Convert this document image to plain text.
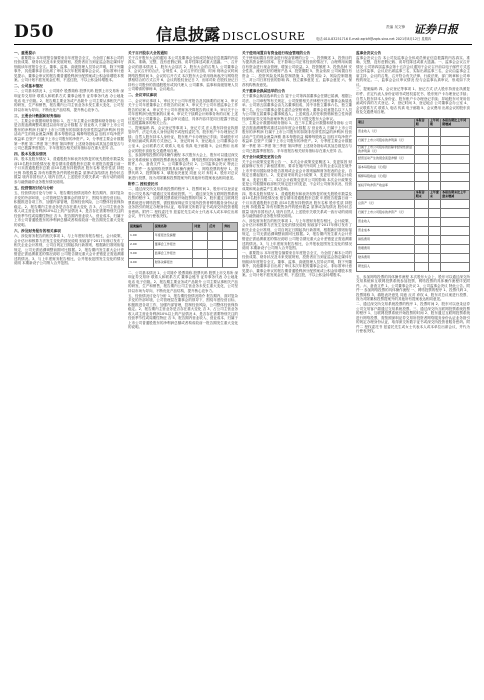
D50	信息披露 DISCLOSURE
责编 吴文锋 证券日报
电话:010-83251716 E-mail:zqrb9@zqrb.sina.net 2021年8月12日 星期四
一、重要提示

一、重要提示 本年度报告摘要来自年度报告全文，为全面了解本公司的经营成果、财务状况及未来发展规划，投资者应当到证监会指定媒体仔细阅读年度报告全文。董事、监事、高级管理人员异议声明，除下列董事外，其他董事亲自出席了审议本次年报的董事会会议。非标准审计意见提示，董事会审议的报告期普通股利润分配预案或公积金转增股本预案。公司计划不派发现金红利，不送红股，不以公积金转增股本。

二、公司基本情况

二、公司基本情况 1、公司简介 股票简称 股票代码 股票上市交易所 深圳证券交易所 联系人和联系方式 董事会秘书 证券事务代表 办公地址 电话 电子信箱。2、报告期主要业务或产品简介 公司主要从事相关产品的研发、生产和销售，报告期内公司主营业务未发生重大变化，公司坚持以市场为导向，不断优化产品结构，提升核心竞争力。

三、主要会计数据和财务指标

三、主要会计数据和财务指标 1、近三年主要会计数据和财务指标 公司是否需追溯调整或重述以前年度会计数据 否 营业收入 归属于上市公司股东的净利润 归属于上市公司股东的扣除非经常性损益的净利润 经营活动产生的现金流量净额 基本每股收益 稀释每股收益 加权平均净资产收益率 总资产 归属于上市公司股东的净资产。2、分季度主要会计数据 第一季度 第二季度 第三季度 第四季度 上述财务指标或其加总数是否与公司已披露季度报告、半年度报告相关财务指标存在重大差异 否。

四、股本及股东情况

四、股本及股东情况 1、普通股股东和表决权恢复的优先股股东数量及前10名股东持股情况表 报告期末普通股股东总数 年度报告披露日前一个月末普通股股东总数 前10名股东持股情况 股东名称 股东性质 持股比例 持股数量 持有有限售条件的股份数量 质押或冻结情况 股份状态 数量 境内非国有法人 境内自然人 上述股东关联关系或一致行动的说明 参与融资融券业务股东情况说明。

五、经营情况讨论与分析

五、经营情况讨论与分析 1、报告期经营情况简介 报告期内，面对复杂多变的外部环境，公司管理层在董事会的领导下，围绕年度经营目标，积极推进各项工作，加强内部管理，控制经营风险，公司整体经营保持稳定。2、报告期内主营业务是否存在重大变化 否 3、占公司主营业务收入或主营业务利润10%以上的产品情况 4、是否存在需要特别关注的经营季节性或周期性特征 否 5、报告期内营业收入、营业成本、归属于上市公司普通股股东的净利润总额或者构成较前一报告期发生重大变化的说明。

六、涉及财务报告的相关事项

六、涉及财务报告的相关事项 1、与上年度财务报告相比，会计政策、会计估计和核算方法发生变化的情况说明 财政部于2017年修订发布了相关企业会计准则，公司自规定日期起执行新准则，根据新旧准则衔接规定，公司无需追溯调整前期可比数据。2、报告期内发生重大会计差错更正需追溯重述的情况说明 公司报告期无重大会计差错更正需追溯重述的情况。3、与上年度财务报告相比，合并报表范围发生变化的情况说明 本期新设子公司纳入合并范围。

关于召开股东大会的通知

关于召开股东大会的通知 本公司及董事会全体成员保证信息披露的内容真实、准确、完整，没有虚假记载、误导性陈述或重大遗漏。一、召开会议的基本情况 1、股东大会届次 2、股东大会的召集人 公司董事会 3、会议召开的合法、合规性 4、会议召开的日期、时间 现场会议时间 网络投票时间 5、会议的召开方式 本次股东大会采用现场表决与网络投票相结合的方式召开 6、会议的股权登记日 7、出席对象 在股权登记日持有公司股份的普通股股东或其代理人 公司董事、监事和高级管理人员 公司聘请的律师 8、会议地点。

二、会议审议事项

二、会议审议事项 1、审议关于公司年度报告及其摘要的议案 2、审议关于公司年度董事会工作报告的议案 3、审议关于公司年度监事会工作报告的议案 4、审议关于公司年度财务决算报告的议案 5、审议关于公司年度利润分配预案的议案 6、审议关于续聘会计师事务所的议案 上述议案已经公司董事会、监事会审议通过，具体内容详见同日披露于指定信息披露媒体的相关公告。

三、提案编码 四、会议登记等事项 1、登记方式 法人股东持营业执照复印件、法定代表人身份证明书或授权委托书、股东账户卡办理登记手续；自然人股东持本人身份证、股东账户卡办理登记手续；异地股东可采用信函或传真的方式登记。2、登记时间 3、登记地点 公司董事会办公室 4、会议联系方式 联系人 电话 传真 电子邮箱 5、会议费用 出席会议的股东食宿及交通费用自理。

五、参加网络投票的具体操作流程 本次股东大会上，股东可以通过深交所交易系统和互联网投票系统参加投票，网络投票的具体操作流程详见附件。六、备查文件 1、公司董事会决议 2、公司监事会决议 特此公告。附件一 参加网络投票的具体操作流程 一、网络投票的程序 1、投票代码 2、投票简称 3、填报表决意见 同意 反对 弃权 4、股东对总议案进行投票，视为对除累积投票提案外的其他所有提案表达相同意见。

附件二 授权委托书

二、通过深交所交易系统投票的程序 1、投票时间 2、股东可以登录证券公司交易客户端通过交易系统投票。三、通过深交所互联网投票系统投票的程序 1、互联网投票系统开始投票的时间 2、股东通过互联网投票系统进行网络投票，需按照深圳证券交易所投资者网络服务身份认证业务指引的规定办理身份认证，取得深交所数字证书或深交所投资者服务密码。附件二 授权委托书 兹委托先生或女士代表本人或本单位出席会议，并代为行使表决权。

提案编码	提案名称	同意	反对	弃权
1.00	年度报告及摘要			
2.00	董事会工作报告			
3.00	监事会工作报告			
4.00	财务决算报告			

二、公司基本情况 1、公司简介 股票简称 股票代码 股票上市交易所 深圳证券交易所 联系人和联系方式 董事会秘书 证券事务代表 办公地址 电话 电子信箱。2、报告期主要业务或产品简介 公司主要从事相关产品的研发、生产和销售，报告期内公司主营业务未发生重大变化，公司坚持以市场为导向，不断优化产品结构，提升核心竞争力。

五、经营情况讨论与分析 1、报告期经营情况简介 报告期内，面对复杂多变的外部环境，公司管理层在董事会的领导下，围绕年度经营目标，积极推进各项工作，加强内部管理，控制经营风险，公司整体经营保持稳定。2、报告期内主营业务是否存在重大变化 否 3、占公司主营业务收入或主营业务利润10%以上的产品情况 4、是否存在需要特别关注的经营季节性或周期性特征 否 5、报告期内营业收入、营业成本、归属于上市公司普通股股东的净利润总额或者构成较前一报告期发生重大变化的说明。

关于使用闲置自有资金进行现金管理的公告

关于使用闲置自有资金进行现金管理的公告 一、投资概述 1、投资目的 为提高资金使用效率，在不影响公司正常经营的情况下，合理利用闲置自有资金进行现金管理，增加公司收益。2、投资额度 3、投资品种 安全性高、流动性好的理财产品 4、投资期限 5、资金来源 公司闲置自有资金 二、投资风险及风险控制措施 1、投资风险 2、风险控制措施 三、对公司日常经营的影响 四、独立董事意见 五、监事会意见 六、保荐机构核查意见。

关于董事会换届选举的公告

关于董事会换届选举的公告 鉴于公司第四届董事会任期已届满，根据公司法、公司章程等有关规定，公司按照相关法律程序进行董事会换届选举。公司第五届董事会由九名董事组成，其中非独立董事六名，独立董事三名。经公司董事会提名委员会资格审查，董事会同意提名以下人员为公司第五届董事会董事候选人。上述候选人的任职资格和独立性尚需经深圳证券交易所备案审核无异议后方可提交股东大会审议。

三、主要会计数据和财务指标 1、近三年主要会计数据和财务指标 公司是否需追溯调整或重述以前年度会计数据 否 营业收入 归属于上市公司股东的净利润 归属于上市公司股东的扣除非经常性损益的净利润 经营活动产生的现金流量净额 基本每股收益 稀释每股收益 加权平均净资产收益率 总资产 归属于上市公司股东的净资产。2、分季度主要会计数据 第一季度 第二季度 第三季度 第四季度 上述财务指标或其加总数是否与公司已披露季度报告、半年度报告相关财务指标存在重大差异 否。

关于会计政策变更的公告

关于会计政策变更的公告 一、本次会计政策变更概述 1、变更原因 财政部修订发布了新租赁准则，要求在境内外同时上市的企业以及在境外上市并采用国际财务报告准则或企业会计准则编制财务报表的企业，自规定日期起施行。2、变更前采用的会计政策 3、变更后采用的会计政策 4、变更日期 二、本次会计政策变更对公司的影响 本次会计政策变更是公司根据财政部相关规定进行的变更，不会对公司财务状况、经营成果和现金流量产生重大影响。

四、股本及股东情况 1、普通股股东和表决权恢复的优先股股东数量及前10名股东持股情况表 报告期末普通股股东总数 年度报告披露日前一个月末普通股股东总数 前10名股东持股情况 股东名称 股东性质 持股比例 持股数量 持有有限售条件的股份数量 质押或冻结情况 股份状态 数量 境内非国有法人 境内自然人 上述股东关联关系或一致行动的说明 参与融资融券业务股东情况说明。

六、涉及财务报告的相关事项 1、与上年度财务报告相比，会计政策、会计估计和核算方法发生变化的情况说明 财政部于2017年修订发布了相关企业会计准则，公司自规定日期起执行新准则，根据新旧准则衔接规定，公司无需追溯调整前期可比数据。2、报告期内发生重大会计差错更正需追溯重述的情况说明 公司报告期无重大会计差错更正需追溯重述的情况。3、与上年度财务报告相比，合并报表范围发生变化的情况说明 本期新设子公司纳入合并范围。

一、重要提示 本年度报告摘要来自年度报告全文，为全面了解本公司的经营成果、财务状况及未来发展规划，投资者应当到证监会指定媒体仔细阅读年度报告全文。董事、监事、高级管理人员异议声明，除下列董事外，其他董事亲自出席了审议本次年报的董事会会议。非标准审计意见提示，董事会审议的报告期普通股利润分配预案或公积金转增股本预案。公司计划不派发现金红利，不送红股，不以公积金转增股本。

监事会决议公告

监事会决议公告 本公司及监事会全体成员保证信息披露的内容真实、准确、完整，没有虚假记载、误导性陈述或重大遗漏。一、监事会会议召开情况 公司第四届监事会第十五次会议通知于会议召开前以电子邮件方式送达全体监事，会议应出席监事三名，实际出席监事三名，会议由监事会主席主持，会议的召集、召开符合有关法律、行政法规、部门规章和公司章程的规定。二、监事会会议审议情况 经与会监事认真审议，形成如下决议。

三、提案编码 四、会议登记等事项 1、登记方式 法人股东持营业执照复印件、法定代表人身份证明书或授权委托书、股东账户卡办理登记手续；自然人股东持本人身份证、股东账户卡办理登记手续；异地股东可采用信函或传真的方式登记。2、登记时间 3、登记地点 公司董事会办公室 4、会议联系方式 联系人 电话 传真 电子邮箱 5、会议费用 出席会议的股东食宿及交通费用自理。

项目	本报告期	上年同期	本报告期比上年同期增减
营业收入（元）			
归属于上市公司股东的净利润（元）			
归属于上市公司股东的扣除非经常性损益的净利润（元）			
经营活动产生的现金流量净额（元）			
基本每股收益（元/股）			
稀释每股收益（元/股）			
加权平均净资产收益率			
	本报告期末	上年度末	本报告期末比上年度末增减
总资产（元）			
归属于上市公司股东的净资产（元）			
营业收入			
营业成本			
销售费用			
管理费用			
财务费用			
研发投入			

五、参加网络投票的具体操作流程 本次股东大会上，股东可以通过深交所交易系统和互联网投票系统参加投票，网络投票的具体操作流程详见附件。六、备查文件 1、公司董事会决议 2、公司监事会决议 特此公告。附件一 参加网络投票的具体操作流程 一、网络投票的程序 1、投票代码 2、投票简称 3、填报表决意见 同意 反对 弃权 4、股东对总议案进行投票，视为对除累积投票提案外的其他所有提案表达相同意见。

二、通过深交所交易系统投票的程序 1、投票时间 2、股东可以登录证券公司交易客户端通过交易系统投票。三、通过深交所互联网投票系统投票的程序 1、互联网投票系统开始投票的时间 2、股东通过互联网投票系统进行网络投票，需按照深圳证券交易所投资者网络服务身份认证业务指引的规定办理身份认证，取得深交所数字证书或深交所投资者服务密码。附件二 授权委托书 兹委托先生或女士代表本人或本单位出席会议，并代为行使表决权。
